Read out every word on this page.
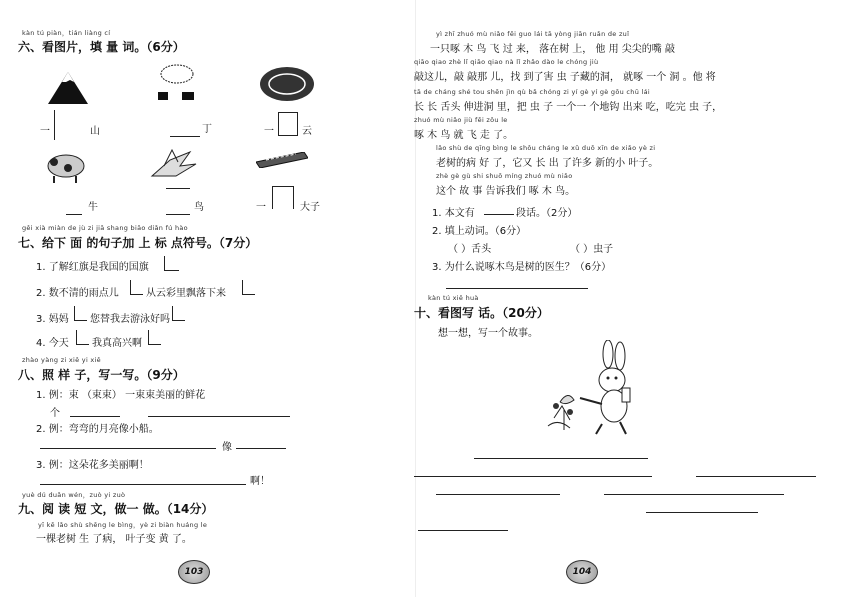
kàn tú piàn，tián liàng cí
六、看图片，填 量 词。（6分）
一	山	丁	一	云
牛	鸟	一	大子
gěi xià miàn de jù zi jiā shang biāo diǎn fú hào
七、给下 面 的句子加 上 标 点符号。（7分）
1. 了解红旗是我国的国旗
2. 数不清的雨点儿	从云彩里飘落下来
3. 妈妈 您替我去游泳好吗
4. 今天 我真高兴啊
zhào yàng zi xiě yi xiě
八、照 样 子，写一写。（9分）
1. 例：束 （束束） 一束束美丽的鲜花
个
2. 例：弯弯的月亮像小船。
像
3. 例：这朵花多美丽啊！
啊！
yuè dú duǎn wén，zuò yi zuò
九、阅 读 短 文，做一 做。（14分）
yī kē lǎo shù shēng le bìng，yè zi biàn huáng le
一棵老树 生 了病， 叶子变 黄 了。
103
yì zhī zhuó mù niǎo fēi guo lái tā yòng jiān ruǎn de zuǐ
一只啄 木 鸟 飞 过 来， 落在树 上， 他 用 尖尖的嘴 敲
qiāo qiao zhè lǐ qiāo qiao nà lǐ zhǎo dào le chóng jiù
敲这儿，敲 敲那 儿，找 到了害 虫 子藏的洞， 就啄 一个 洞 。他 将
tā de cháng shé tou shēn jìn qù bǎ chóng zi yí gè yí gè gōu chū lái
长 长 舌头 伸进洞 里，把 虫 子 一个一 个地钩 出来 吃，吃完 虫 子，
zhuó mù niǎo jiù fēi zǒu le
啄 木 鸟 就 飞 走 了。
lǎo shù de qīng bìng le shǒu cháng le xǔ duō xīn de xiǎo yè zi
老树的病 好 了，它又 长 出 了许多 新的小 叶子。
zhè gè gù shi shuō míng zhuó mù niǎo
这个 故 事 告诉我们 啄 木 鸟。
1. 本文有	段话。（2分）
2. 填上动词。（6分）
（ ）舌头	（ ）虫子
3. 为什么说啄木鸟是树的医生？（6分）
kàn tú xiě huà
十、看图写 话。（20分）
想一想，写一个故事。
104
